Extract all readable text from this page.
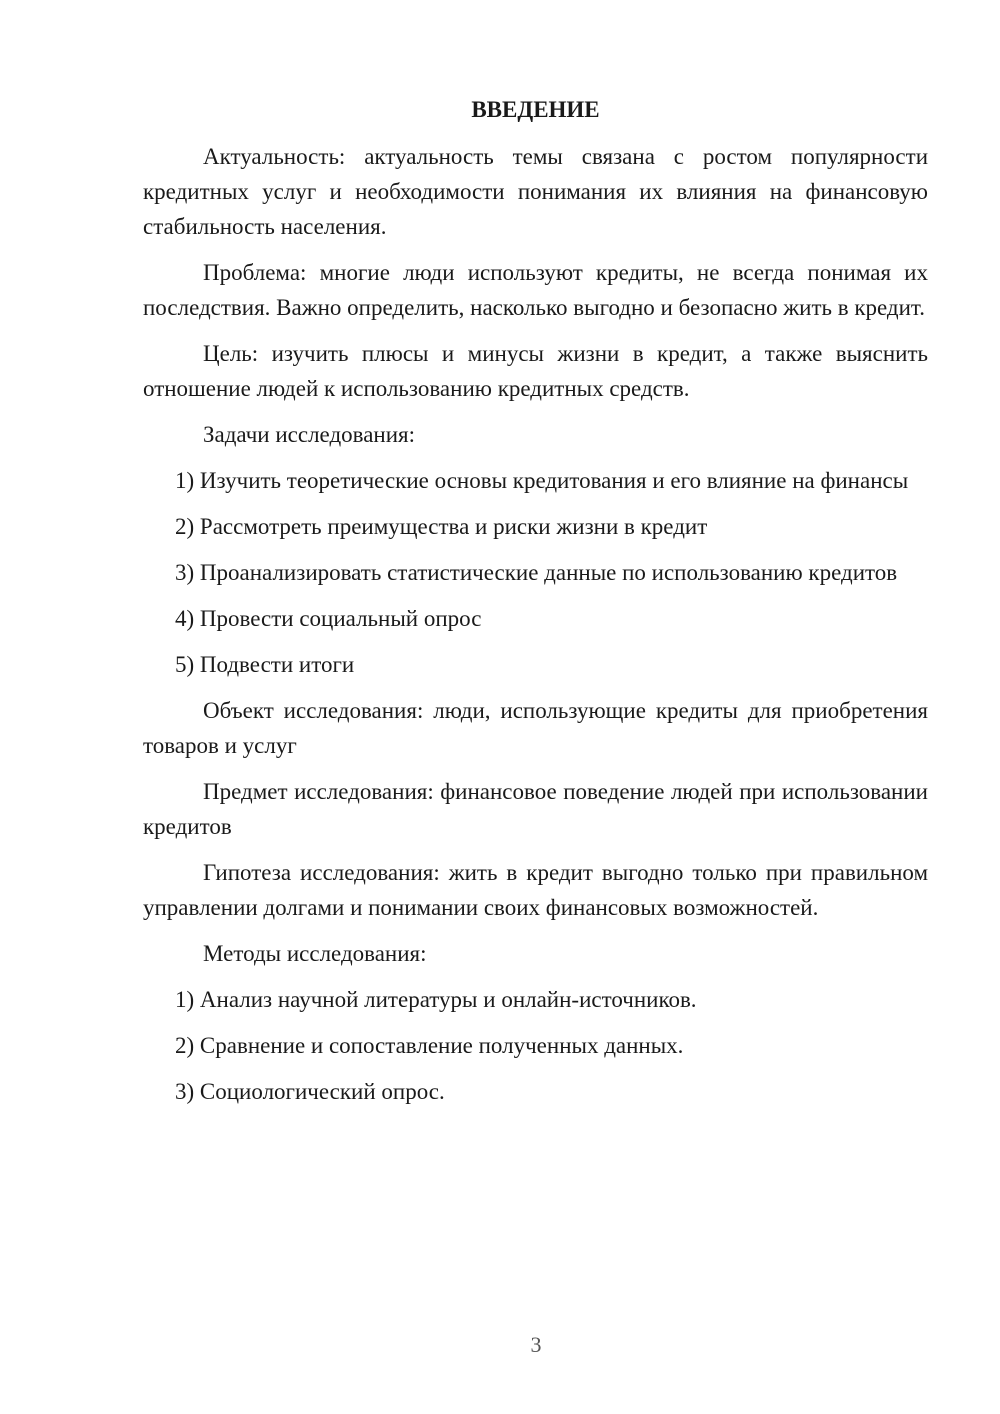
ВВЕДЕНИЕ

Актуальность: актуальность темы связана с ростом популярности кредитных услуг и необходимости понимания их влияния на финансовую стабильность населения.

Проблема: многие люди используют кредиты, не всегда понимая их последствия. Важно определить, насколько выгодно и безопасно жить в кредит.

Цель: изучить плюсы и минусы жизни в кредит, а также выяснить отношение людей к использованию кредитных средств.

Задачи исследования:

1) Изучить теоретические основы кредитования и его влияние на финансы

2) Рассмотреть преимущества и риски жизни в кредит

3) Проанализировать статистические данные по использованию кредитов

4) Провести социальный опрос

5) Подвести итоги

Объект исследования: люди, использующие кредиты для приобретения товаров и услуг

Предмет исследования: финансовое поведение людей при использовании кредитов

Гипотеза исследования: жить в кредит выгодно только при правильном управлении долгами и понимании своих финансовых возможностей.

Методы исследования:

1) Анализ научной литературы и онлайн-источников.

2) Сравнение и сопоставление полученных данных.

3) Социологический опрос.

3
